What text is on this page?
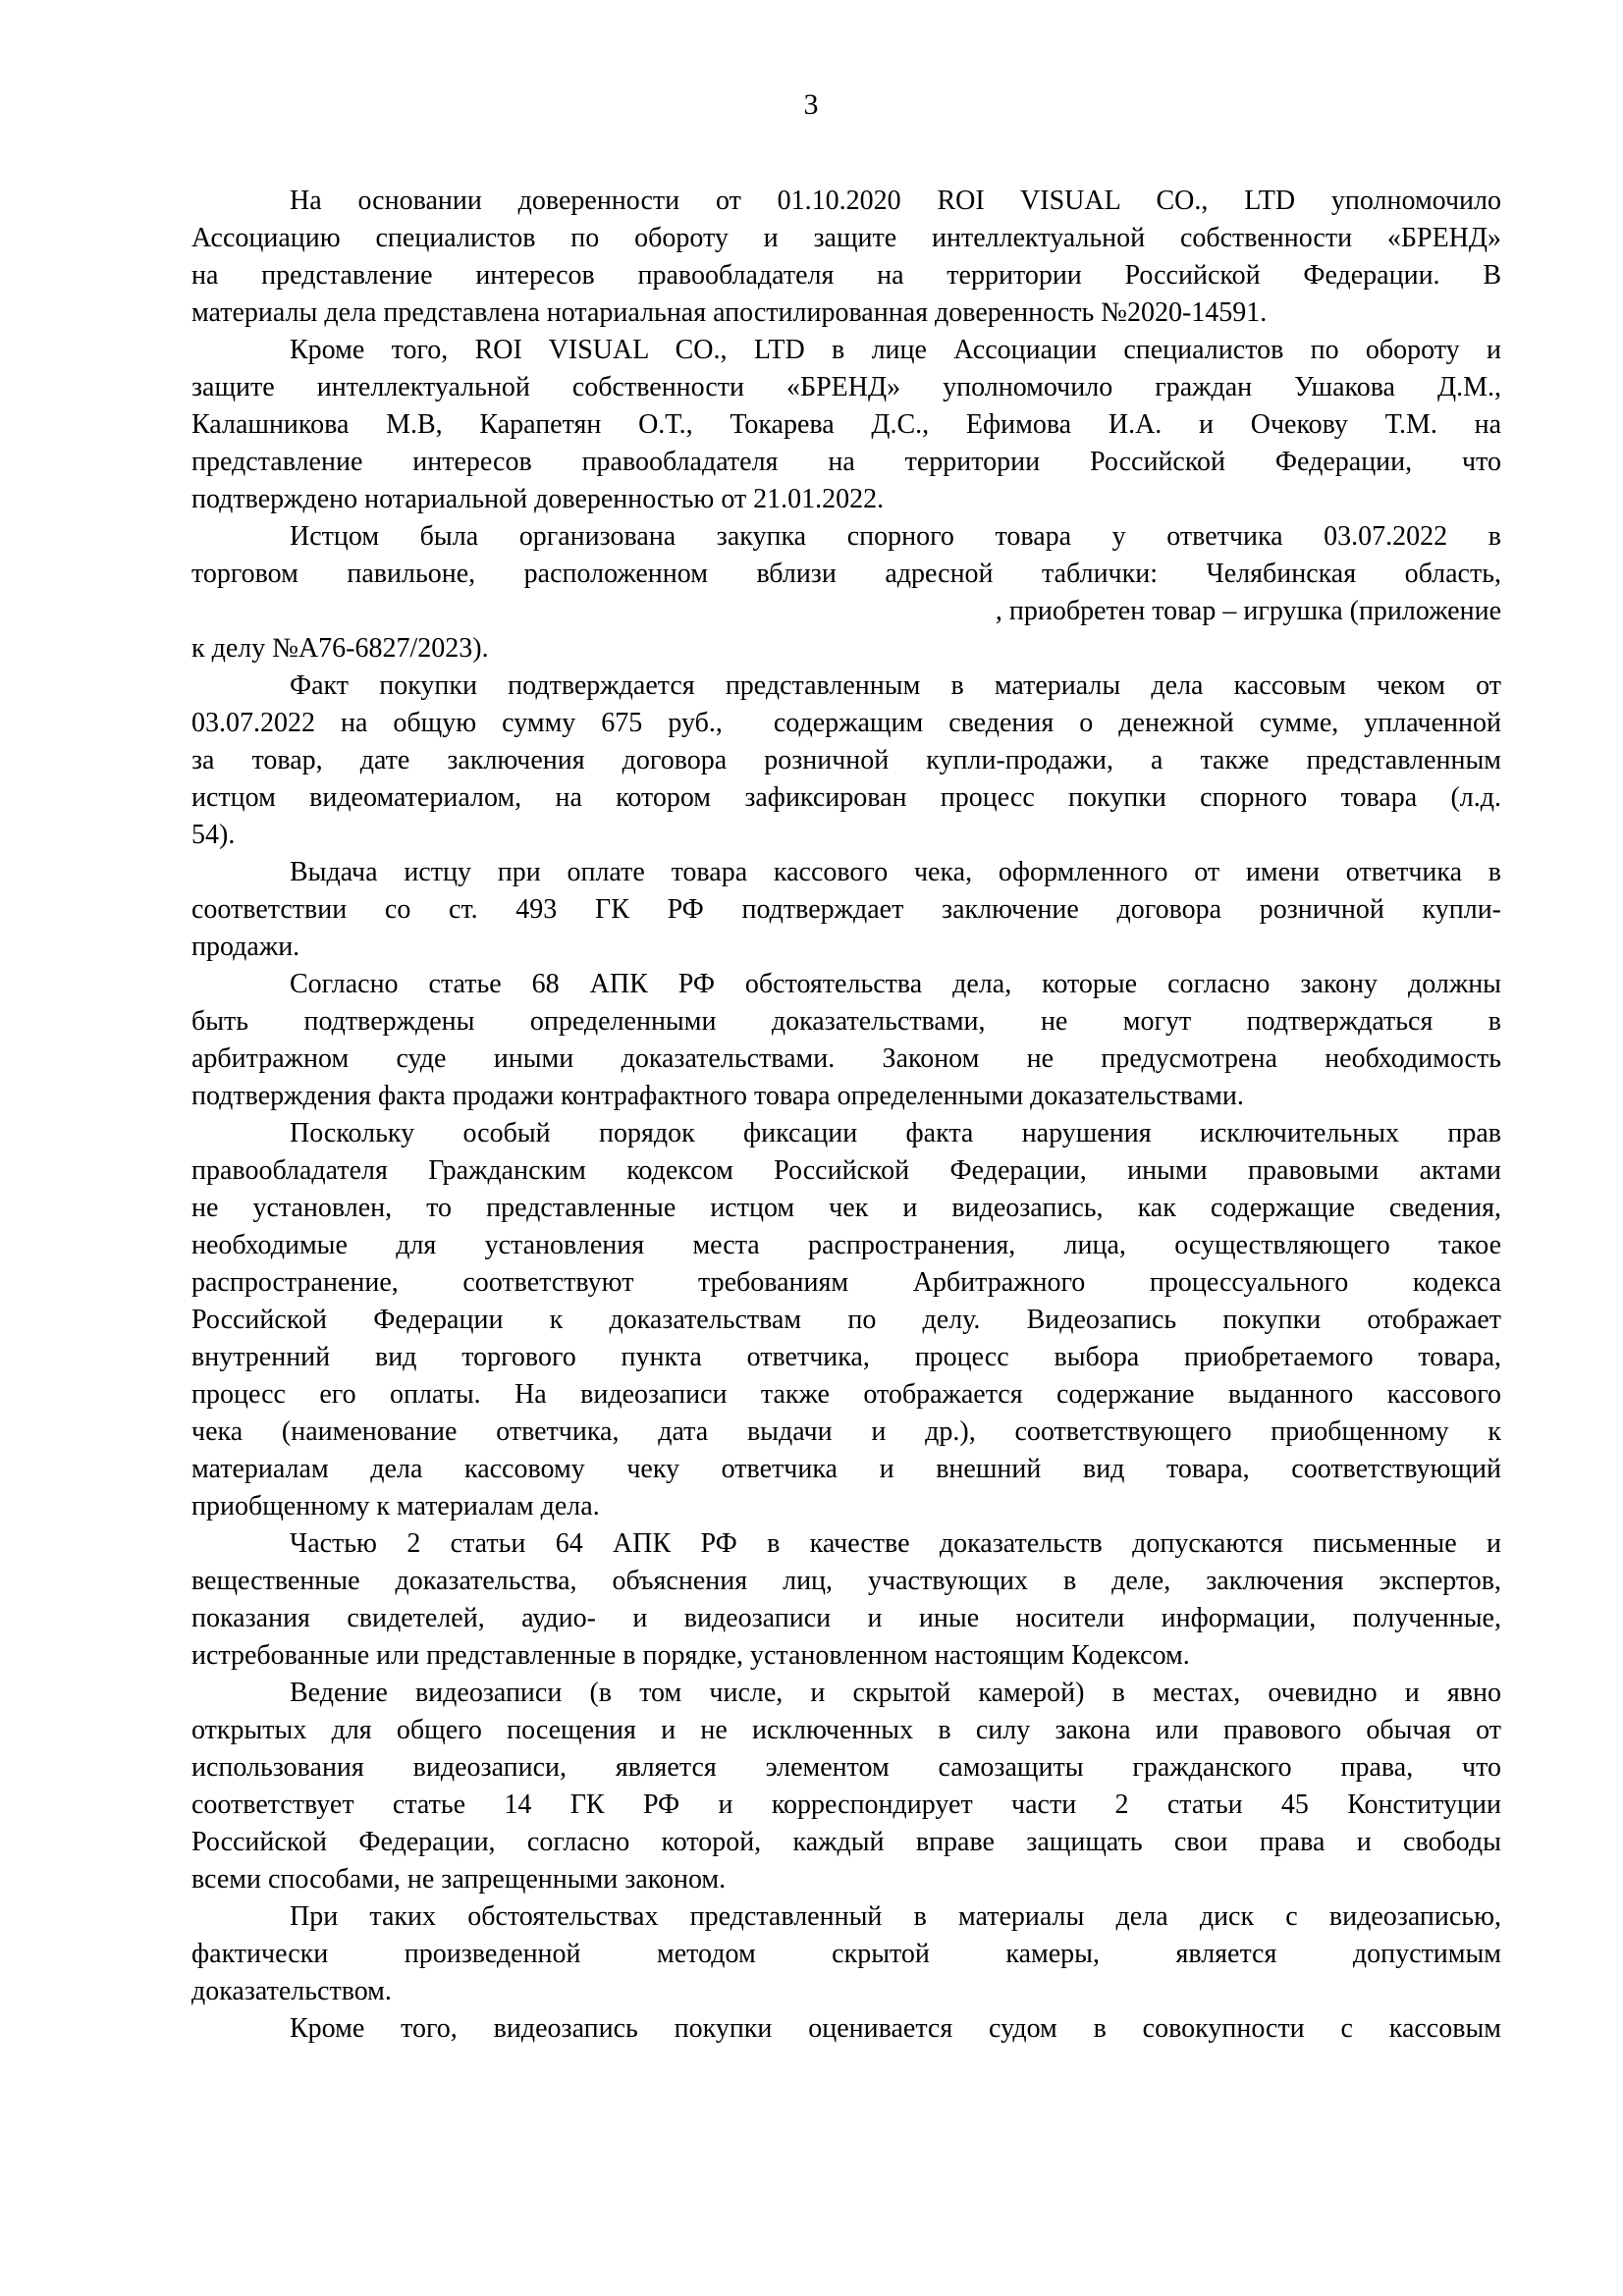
3
На основании доверенности от 01.10.2020 ROI VISUAL CO., LTD уполномочило
Ассоциацию специалистов по обороту и защите интеллектуальной собственности «БРЕНД»
на представление интересов правообладателя на территории Российской Федерации. В
материалы дела представлена нотариальная апостилированная доверенность №2020-14591.
Кроме того, ROI VISUAL CO., LTD в лице Ассоциации специалистов по обороту и
защите интеллектуальной собственности «БРЕНД» уполномочило граждан Ушакова Д.М.,
Калашникова М.В, Карапетян О.Т., Токарева Д.С., Ефимова И.А. и Очекову Т.М. на
представление интересов правообладателя на территории Российской Федерации, что
подтверждено нотариальной доверенностью от 21.01.2022.
Истцом была организована закупка спорного товара у ответчика 03.07.2022 в
торговом павильоне, расположенном вблизи адресной таблички: Челябинская область,
, приобретен товар – игрушка (приложение
к делу №А76-6827/2023).
Факт покупки подтверждается представленным в материалы дела кассовым чеком от
03.07.2022 на общую сумму 675 руб.,  содержащим сведения о денежной сумме, уплаченной
за товар, дате заключения договора розничной купли-продажи, а также представленным
истцом видеоматериалом, на котором зафиксирован процесс покупки спорного товара (л.д.
54).
Выдача истцу при оплате товара кассового чека, оформленного от имени ответчика в
соответствии со ст. 493 ГК РФ подтверждает заключение договора розничной купли-
продажи.
Согласно статье 68 АПК РФ обстоятельства дела, которые согласно закону должны
быть подтверждены определенными доказательствами, не могут подтверждаться в
арбитражном суде иными доказательствами. Законом не предусмотрена необходимость
подтверждения факта продажи контрафактного товара определенными доказательствами.
Поскольку особый порядок фиксации факта нарушения исключительных прав
правообладателя Гражданским кодексом Российской Федерации, иными правовыми актами
не установлен, то представленные истцом чек и видеозапись, как содержащие сведения,
необходимые для установления места распространения, лица, осуществляющего такое
распространение, соответствуют требованиям Арбитражного процессуального кодекса
Российской Федерации к доказательствам по делу. Видеозапись покупки отображает
внутренний вид торгового пункта ответчика, процесс выбора приобретаемого товара,
процесс его оплаты. На видеозаписи также отображается содержание выданного кассового
чека (наименование ответчика, дата выдачи и др.), соответствующего приобщенному к
материалам дела кассовому чеку ответчика и внешний вид товара, соответствующий
приобщенному к материалам дела.
Частью 2 статьи 64 АПК РФ в качестве доказательств допускаются письменные и
вещественные доказательства, объяснения лиц, участвующих в деле, заключения экспертов,
показания свидетелей, аудио- и видеозаписи и иные носители информации, полученные,
истребованные или представленные в порядке, установленном настоящим Кодексом.
Ведение видеозаписи (в том числе, и скрытой камерой) в местах, очевидно и явно
открытых для общего посещения и не исключенных в силу закона или правового обычая от
использования видеозаписи, является элементом самозащиты гражданского права, что
соответствует статье 14 ГК РФ и корреспондирует части 2 статьи 45 Конституции
Российской Федерации, согласно которой, каждый вправе защищать свои права и свободы
всеми способами, не запрещенными законом.
При таких обстоятельствах представленный в материалы дела диск с видеозаписью,
фактически произведенной методом скрытой камеры, является допустимым
доказательством.
Кроме того, видеозапись покупки оценивается судом в совокупности с кассовым
